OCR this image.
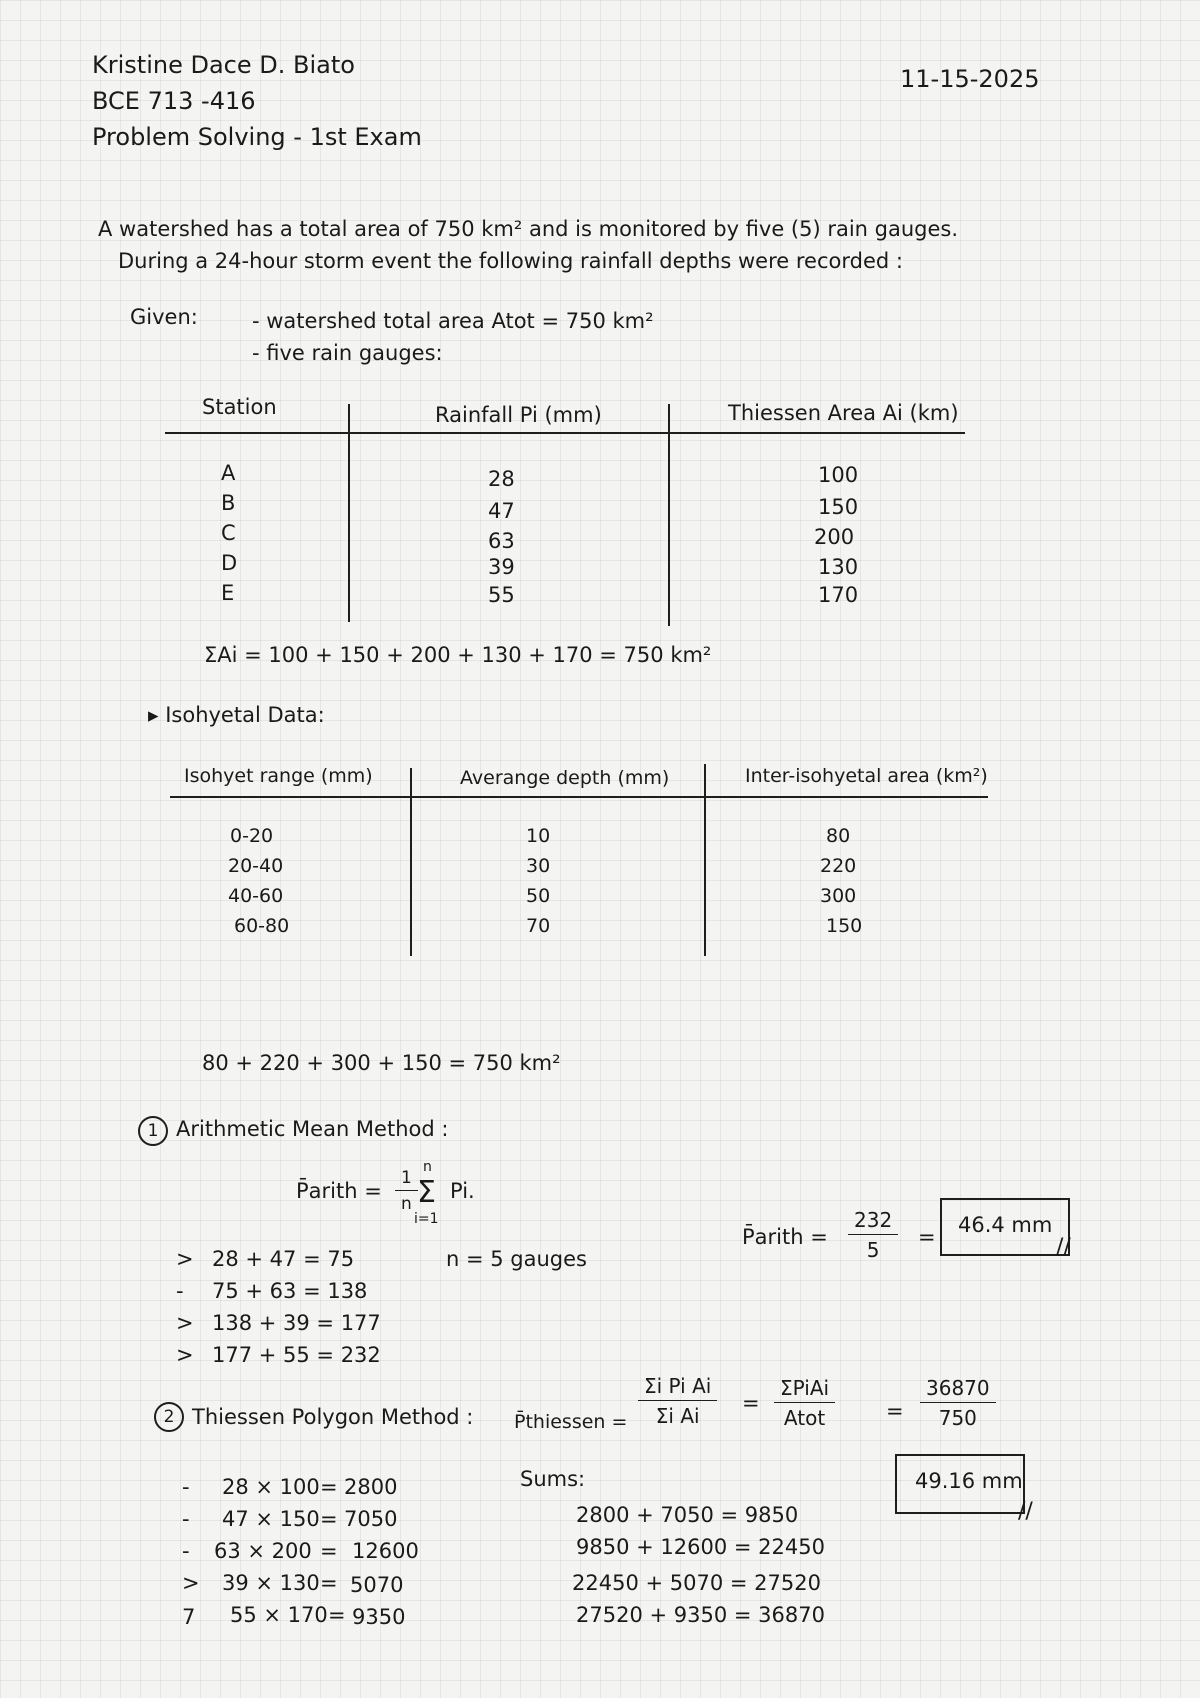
Kristine Dace D. Biato
BCE 713 -416
Problem Solving - 1st Exam
11-15-2025
A watershed has a total area of 750 km² and is monitored by five (5) rain gauges.
During a 24-hour storm event the following rainfall depths were recorded :
Given:	- watershed total area Atot = 750 km²
- five rain gauges:
Station	Rainfall Pi (mm)	Thiessen Area Ai (km)
A	28	100
B	47	150
C	63	200
D	39	130
E	55	170
ΣAi = 100 + 150 + 200 + 130 + 170 = 750 km²
▸ Isohyetal Data:
Isohyet range (mm)	Averange depth (mm)	Inter-isohyetal area (km²)
0-20	10	80
20-40	30	220
40-60	50	300
60-80	70	150
80 + 220 + 300 + 150 = 750 km²
1 Arithmetic Mean Method :
P̄arith = $\frac{1}{n}$
n
Σ
i=1
Pi.
n = 5 gauges
> 28 + 47 = 75
- 75 + 63 = 138
> 138 + 39 = 177
> 177 + 55 = 232
P̄arith = $\frac{232}{5} = 46.4$ mm
//
2 Thiessen Polygon Method : P̄thiessen = $\frac{\text{Σi Pi Ai}}{\text{Σi Ai}}$ =
ΣPiAi
Atot	= $\frac{36870}{750}$
- 28 × 100 = 2800
- 47 × 150 = 7050
- 63 × 200 = 12600
> 39 × 130 = 5070
7 55 × 170 = 9350
Sums:
2800 + 7050 = 9850
9850 + 12600 = 22450
22450 + 5070 = 27520
27520 + 9350 = 36870
49.16 mm
//
